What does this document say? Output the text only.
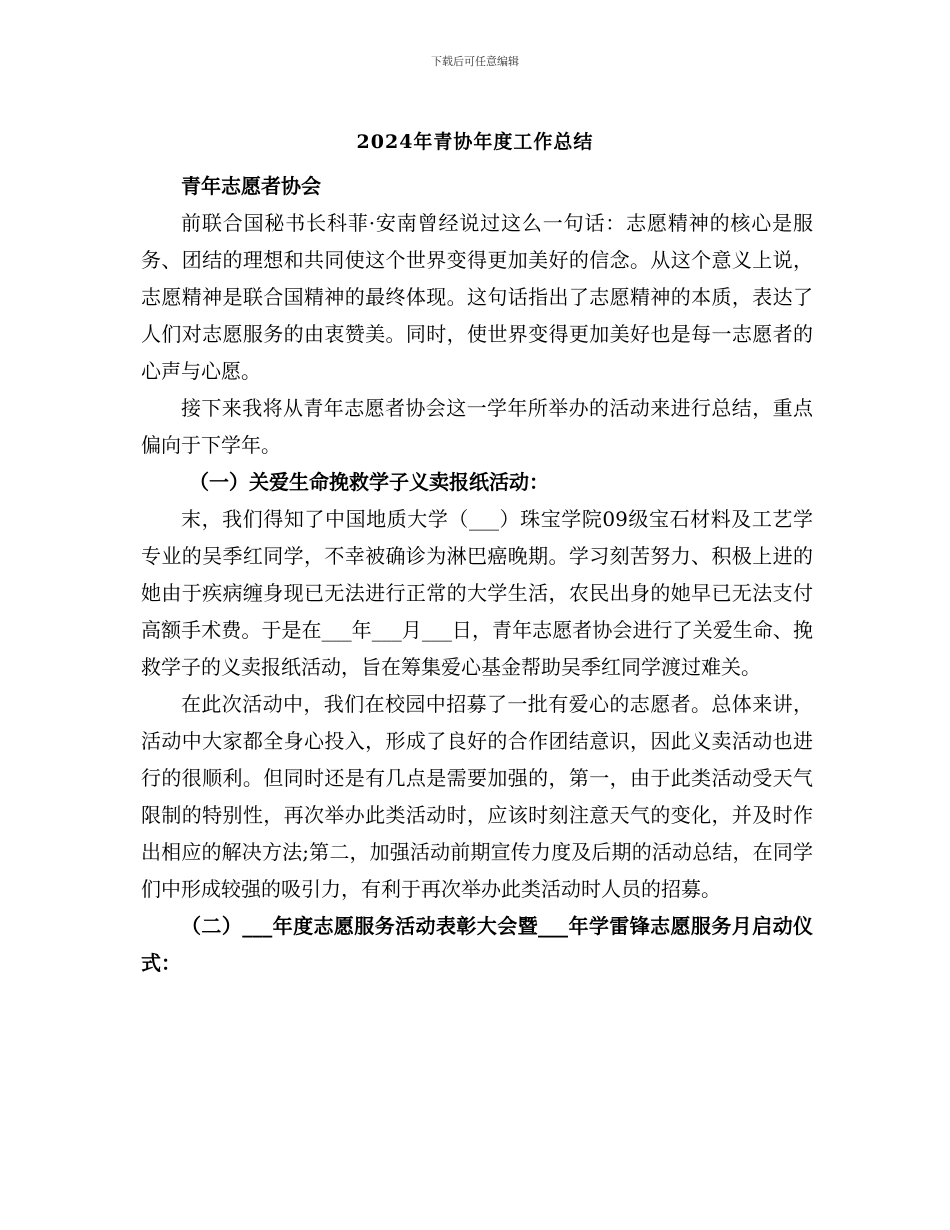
下载后可任意编辑
2024年青协年度工作总结

青年志愿者协会

前联合国秘书长科菲·安南曾经说过这么一句话：志愿精神的核心是服务、团结的理想和共同使这个世界变得更加美好的信念。从这个意义上说，志愿精神是联合国精神的最终体现。这句话指出了志愿精神的本质，表达了人们对志愿服务的由衷赞美。同时，使世界变得更加美好也是每一志愿者的心声与心愿。

接下来我将从青年志愿者协会这一学年所举办的活动来进行总结，重点偏向于下学年。

（一）关爱生命挽救学子义卖报纸活动：

末，我们得知了中国地质大学（___）珠宝学院09级宝石材料及工艺学专业的吴季红同学，不幸被确诊为淋巴癌晚期。学习刻苦努力、积极上进的她由于疾病缠身现已无法进行正常的大学生活，农民出身的她早已无法支付高额手术费。于是在___年___月___日，青年志愿者协会进行了关爱生命、挽救学子的义卖报纸活动，旨在筹集爱心基金帮助吴季红同学渡过难关。

在此次活动中，我们在校园中招募了一批有爱心的志愿者。总体来讲，活动中大家都全身心投入，形成了良好的合作团结意识，因此义卖活动也进行的很顺利。但同时还是有几点是需要加强的，第一，由于此类活动受天气限制的特别性，再次举办此类活动时，应该时刻注意天气的变化，并及时作出相应的解决方法;第二，加强活动前期宣传力度及后期的活动总结，在同学们中形成较强的吸引力，有利于再次举办此类活动时人员的招募。

（二）___年度志愿服务活动表彰大会暨___年学雷锋志愿服务月启动仪式：
